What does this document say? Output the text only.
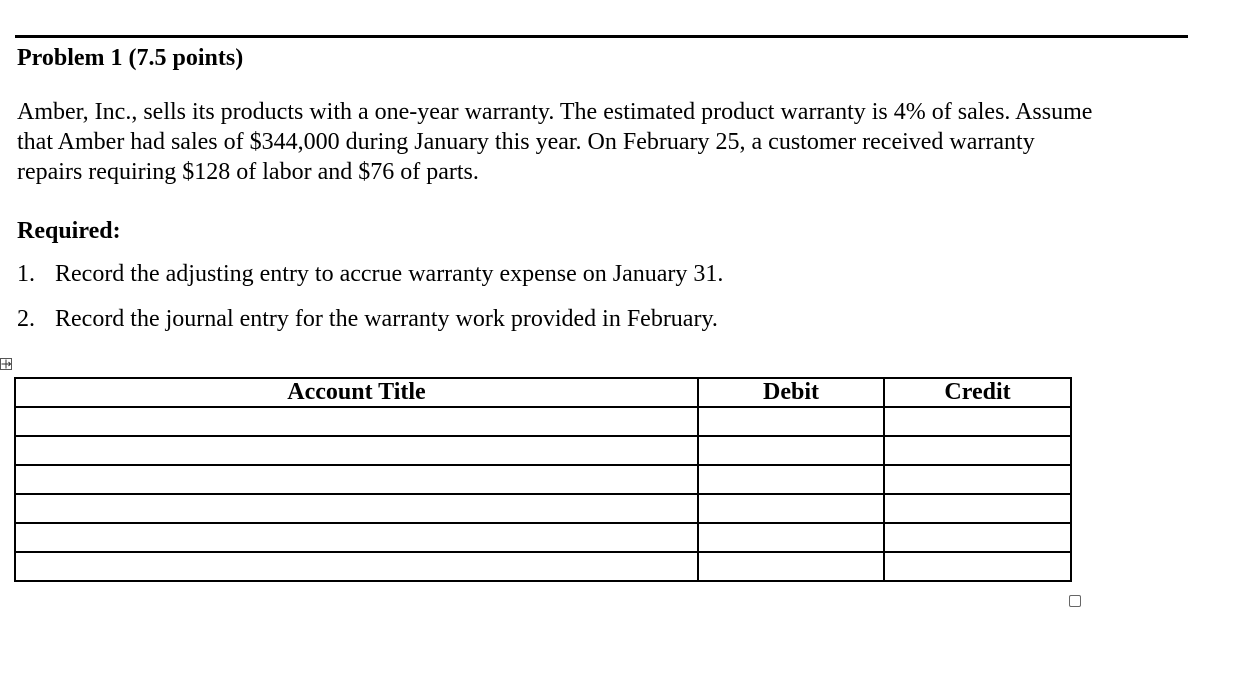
Problem 1 (7.5 points)
Amber, Inc., sells its products with a one-year warranty. The estimated product warranty is 4% of sales. Assume
that Amber had sales of $344,000 during January this year. On February 25, a customer received warranty
repairs requiring $128 of labor and $76 of parts.
Required:
1. Record the adjusting entry to accrue warranty expense on January 31.
2. Record the journal entry for the warranty work provided in February.
Account Title	Debit	Credit
